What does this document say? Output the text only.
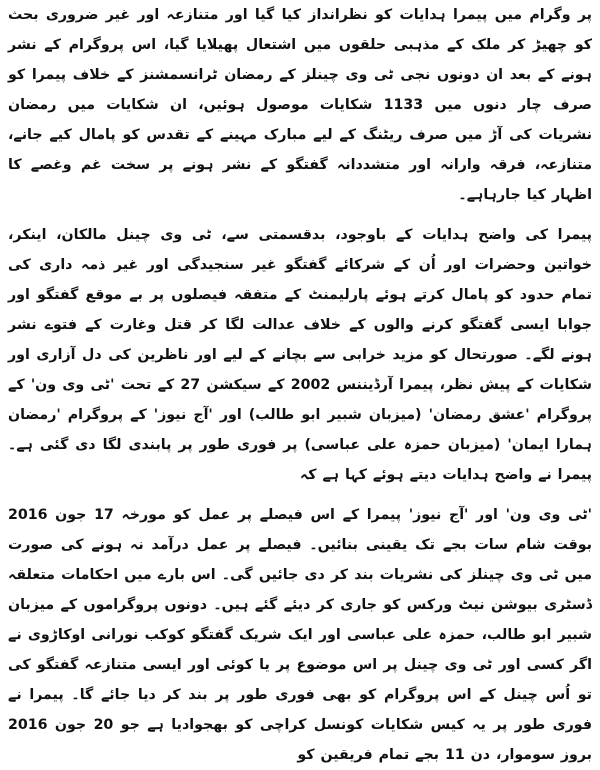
پر وگرام میں پیمرا ہدایات کو نظرانداز کیا گیا اور متنازعہ اور غیر ضروری بحث کو چھیڑ کر ملک کے مذہبی حلقوں میں اشتعال پھیلایا گیا، اس پروگرام کے نشر ہونے کے بعد ان دونوں نجی ٹی وی چینلز کے رمضان ٹرانسمشنز کے خلاف پیمرا کو صرف چار دنوں میں 1133 شکایات موصول ہوئیں، ان شکایات میں رمضان نشریات کی آڑ میں صرف ریٹنگ کے لیے مبارک مہینے کے تقدس کو پامال کیے جانے، متنازعہ، فرقہ وارانہ اور متشددانہ گفتگو کے نشر ہونے پر سخت غم وغصے کا اظہار کیا جارہاہے۔

پیمرا کی واضح ہدایات کے باوجود، بدقسمتی سے، ٹی وی چینل مالکان، اینکر، خواتین وحضرات اور اُن کے شرکائے گفتگو غیر سنجیدگی اور غیر ذمہ داری کی تمام حدود کو پامال کرتے ہوئے پارلیمنٹ کے متفقہ فیصلوں پر بے موقع گفتگو اور جوابا ایسی گفتگو کرنے والوں کے خلاف عدالت لگا کر قتل وغارت کے فتوے نشر ہونے لگے۔ صورتحال کو مزید خرابی سے بچانے کے لیے اور ناظرین کی دل آزاری اور شکایات کے پیش نظر، پیمرا آرڈیننس 2002 کے سیکشن 27 کے تحت 'ٹی وی ون' کے پروگرام 'عشق رمضان' (میزبان شبیر ابو طالب) اور 'آج نیوز' کے پروگرام 'رمضان ہمارا ایمان' (میزبان حمزہ علی عباسی) پر فوری طور پر پابندی لگا دی گئی ہے۔ پیمرا نے واضح ہدایات دیتے ہوئے کہا ہے کہ

'ٹی وی ون' اور 'آج نیوز' پیمرا کے اس فیصلے پر عمل کو مورخہ 17 جون 2016 بوقت شام سات بجے تک یقینی بنائیں۔ فیصلے پر عمل درآمد نہ ہونے کی صورت میں ٹی وی چینلز کی نشریات بند کر دی جائیں گی۔ اس بارے میں احکامات متعلقہ ڈسٹری بیوشن نیٹ ورکس کو جاری کر دیئے گئے ہیں۔ دونوں پروگراموں کے میزبان شبیر ابو طالب، حمزہ علی عباسی اور ایک شریک گفتگو کوکب نورانی اوکاڑوی نے اگر کسی اور ٹی وی چینل پر اس موضوع پر یا کوئی اور ایسی متنازعہ گفتگو کی تو اُس چینل کے اس پروگرام کو بھی فوری طور پر بند کر دیا جائے گا۔ پیمرا نے فوری طور پر یہ کیس شکایات کونسل کراچی کو بھجوادیا ہے جو 20 جون 2016 بروز سوموار، دن 11 بجے تمام فریقین کو
